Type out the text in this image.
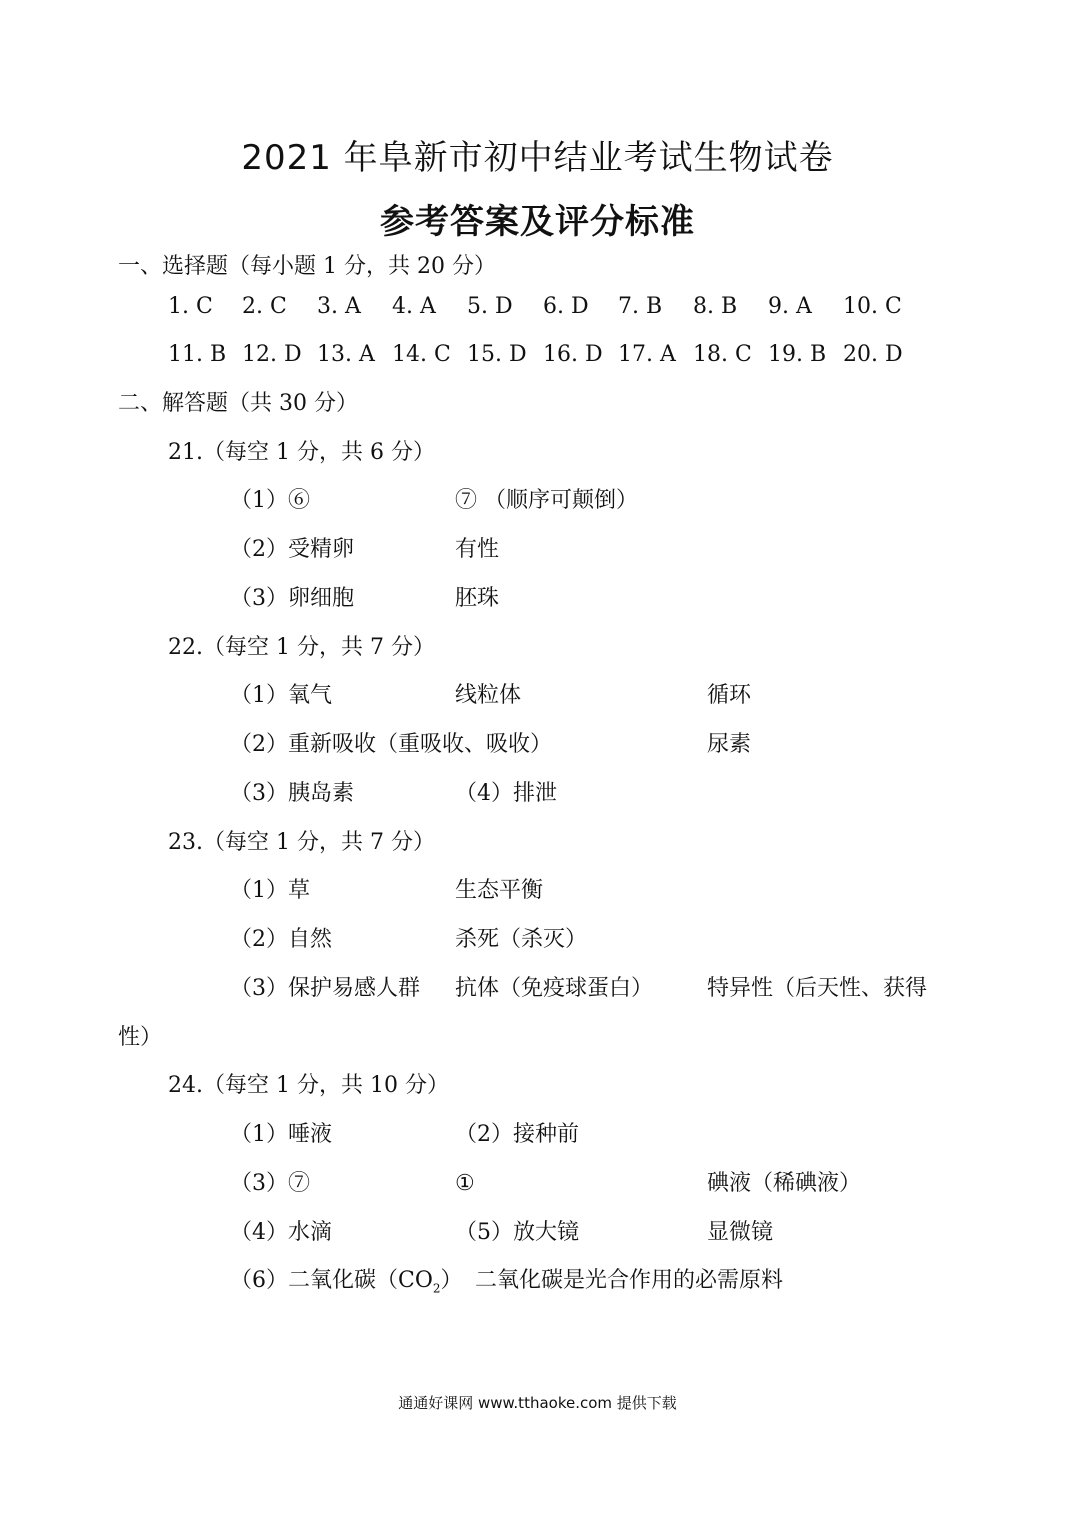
2021 年阜新市初中结业考试生物试卷
参考答案及评分标准
一、选择题（每小题 1 分，共 20 分）
1. C 2. C 3. A 4. A 5. D 6. D 7. B 8. B 9. A 10. C
11. B 12. D 13. A 14. C 15. D 16. D 17. A 18. C 19. B 20. D
二、解答题（共 30 分）
21.（每空 1 分，共 6 分）
（1）⑥	⑦ （顺序可颠倒）
（2）受精卵	有性
（3）卵细胞	胚珠
22.（每空 1 分，共 7 分）
（1）氧气	线粒体	循环
（2）重新吸收（重吸收、吸收）	尿素
（3）胰岛素	（4）排泄
23.（每空 1 分，共 7 分）
（1）草	生态平衡
（2）自然	杀死（杀灭）
（3）保护易感人群 抗体（免疫球蛋白） 特异性（后天性、获得
性）
24.（每空 1 分，共 10 分）
（1）唾液	（2）接种前
（3）⑦	①	碘液（稀碘液）
（4）水滴	（5）放大镜	显微镜
（6）二氧化碳$(CO_2)$ 二氧化碳是光合作用的必需原料
通通好课网 www.tthaoke.com 提供下载
